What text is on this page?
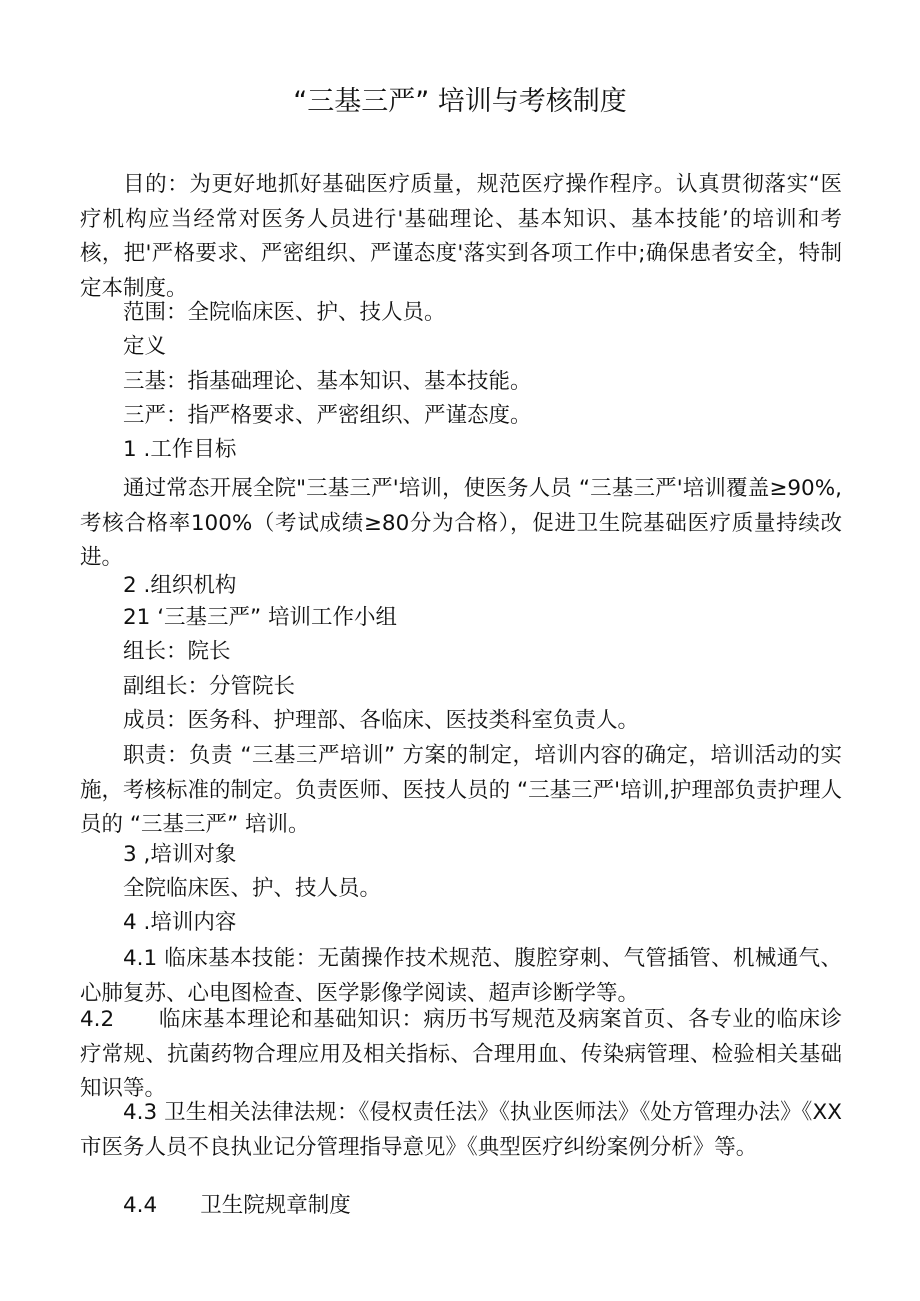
“三基三严” 培训与考核制度
目的：为更好地抓好基础医疗质量，规范医疗操作程序。认真贯彻落实“医疗机构应当经常对医务人员进行'基础理论、基本知识、基本技能’的培训和考核，把'严格要求、严密组织、严谨态度'落实到各项工作中;确保患者安全，特制定本制度。
范围：全院临床医、护、技人员。
定义
三基：指基础理论、基本知识、基本技能。
三严：指严格要求、严密组织、严谨态度。
1 .工作目标
通过常态开展全院"三基三严'培训，使医务人员 “三基三严'培训覆盖≥90%, 考核合格率100%（考试成绩≥80分为合格），促进卫生院基础医疗质量持续改进。
2 .组织机构
21 ‘三基三严” 培训工作小组
组长：院长
副组长：分管院长
成员：医务科、护理部、各临床、医技类科室负责人。
职责：负责 “三基三严培训” 方案的制定，培训内容的确定，培训活动的实施，考核标准的制定。负责医师、医技人员的 “三基三严'培训,护理部负责护理人员的 “三基三严” 培训。
3 ,培训对象
全院临床医、护、技人员。
4 .培训内容
4.1 临床基本技能：无菌操作技术规范、腹腔穿刺、气管插管、机械通气、心肺复苏、心电图检查、医学影像学阅读、超声诊断学等。
4.2　　临床基本理论和基础知识：病历书写规范及病案首页、各专业的临床诊疗常规、抗菌药物合理应用及相关指标、合理用血、传染病管理、检验相关基础知识等。
4.3 卫生相关法律法规：《侵权责任法》《执业医师法》《处方管理办法》《XX市医务人员不良执业记分管理指导意见》《典型医疗纠纷案例分析》等。
4.4　　卫生院规章制度
